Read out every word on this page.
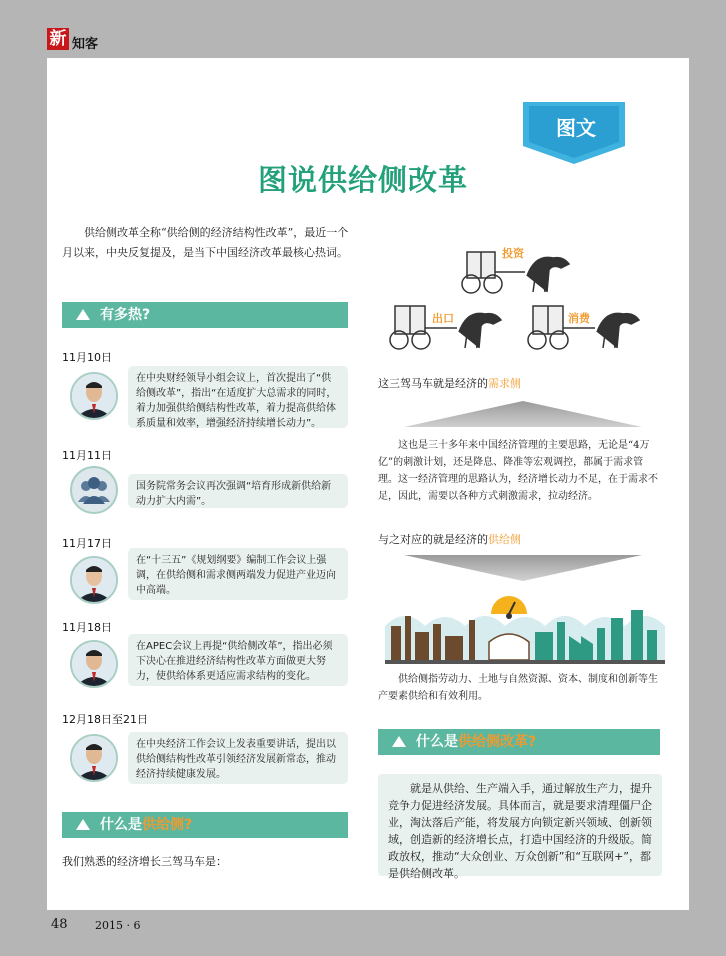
新 知客
图文
图说供给侧改革
供给侧改革全称“供给侧的经济结构性改革”，最近一个月以来，中央反复提及，是当下中国经济改革最核心热词。
有多热?
11月10日
在中央财经领导小组会议上，首次提出了“供给侧改革”，指出“在适度扩大总需求的同时，着力加强供给侧结构性改革，着力提高供给体系质量和效率，增强经济持续增长动力”。
11月11日
国务院常务会议再次强调“培育形成新供给新动力扩大内需”。
11月17日
在“十三五”《规划纲要》编制工作会议上强调，在供给侧和需求侧两端发力促进产业迈向中高端。
11月18日
在APEC会议上再提“供给侧改革”，指出必须下决心在推进经济结构性改革方面做更大努力，使供给体系更适应需求结构的变化。
12月18日至21日
在中央经济工作会议上发表重要讲话，提出以供给侧结构性改革引领经济发展新常态，推动经济持续健康发展。
什么是供给侧?
我们熟悉的经济增长三驾马车是：
投资
出口	消费
这三驾马车就是经济的需求侧
这也是三十多年来中国经济管理的主要思路，无论是“4万亿”的刺激计划，还是降息、降准等宏观调控，都属于需求管理。这一经济管理的思路认为，经济增长动力不足，在于需求不足，因此，需要以各种方式刺激需求，拉动经济。
与之对应的就是经济的供给侧
供给侧指劳动力、土地与自然资源、资本、制度和创新等生产要素供给和有效利用。
什么是供给侧改革?
就是从供给、生产端入手，通过解放生产力，提升竞争力促进经济发展。具体而言，就是要求清理僵尸企业，淘汰落后产能，将发展方向锁定新兴领域、创新领域，创造新的经济增长点，打造中国经济的升级版。简政放权，推动“大众创业、万众创新”和“互联网+”，都是供给侧改革。
48 2015 · 6
